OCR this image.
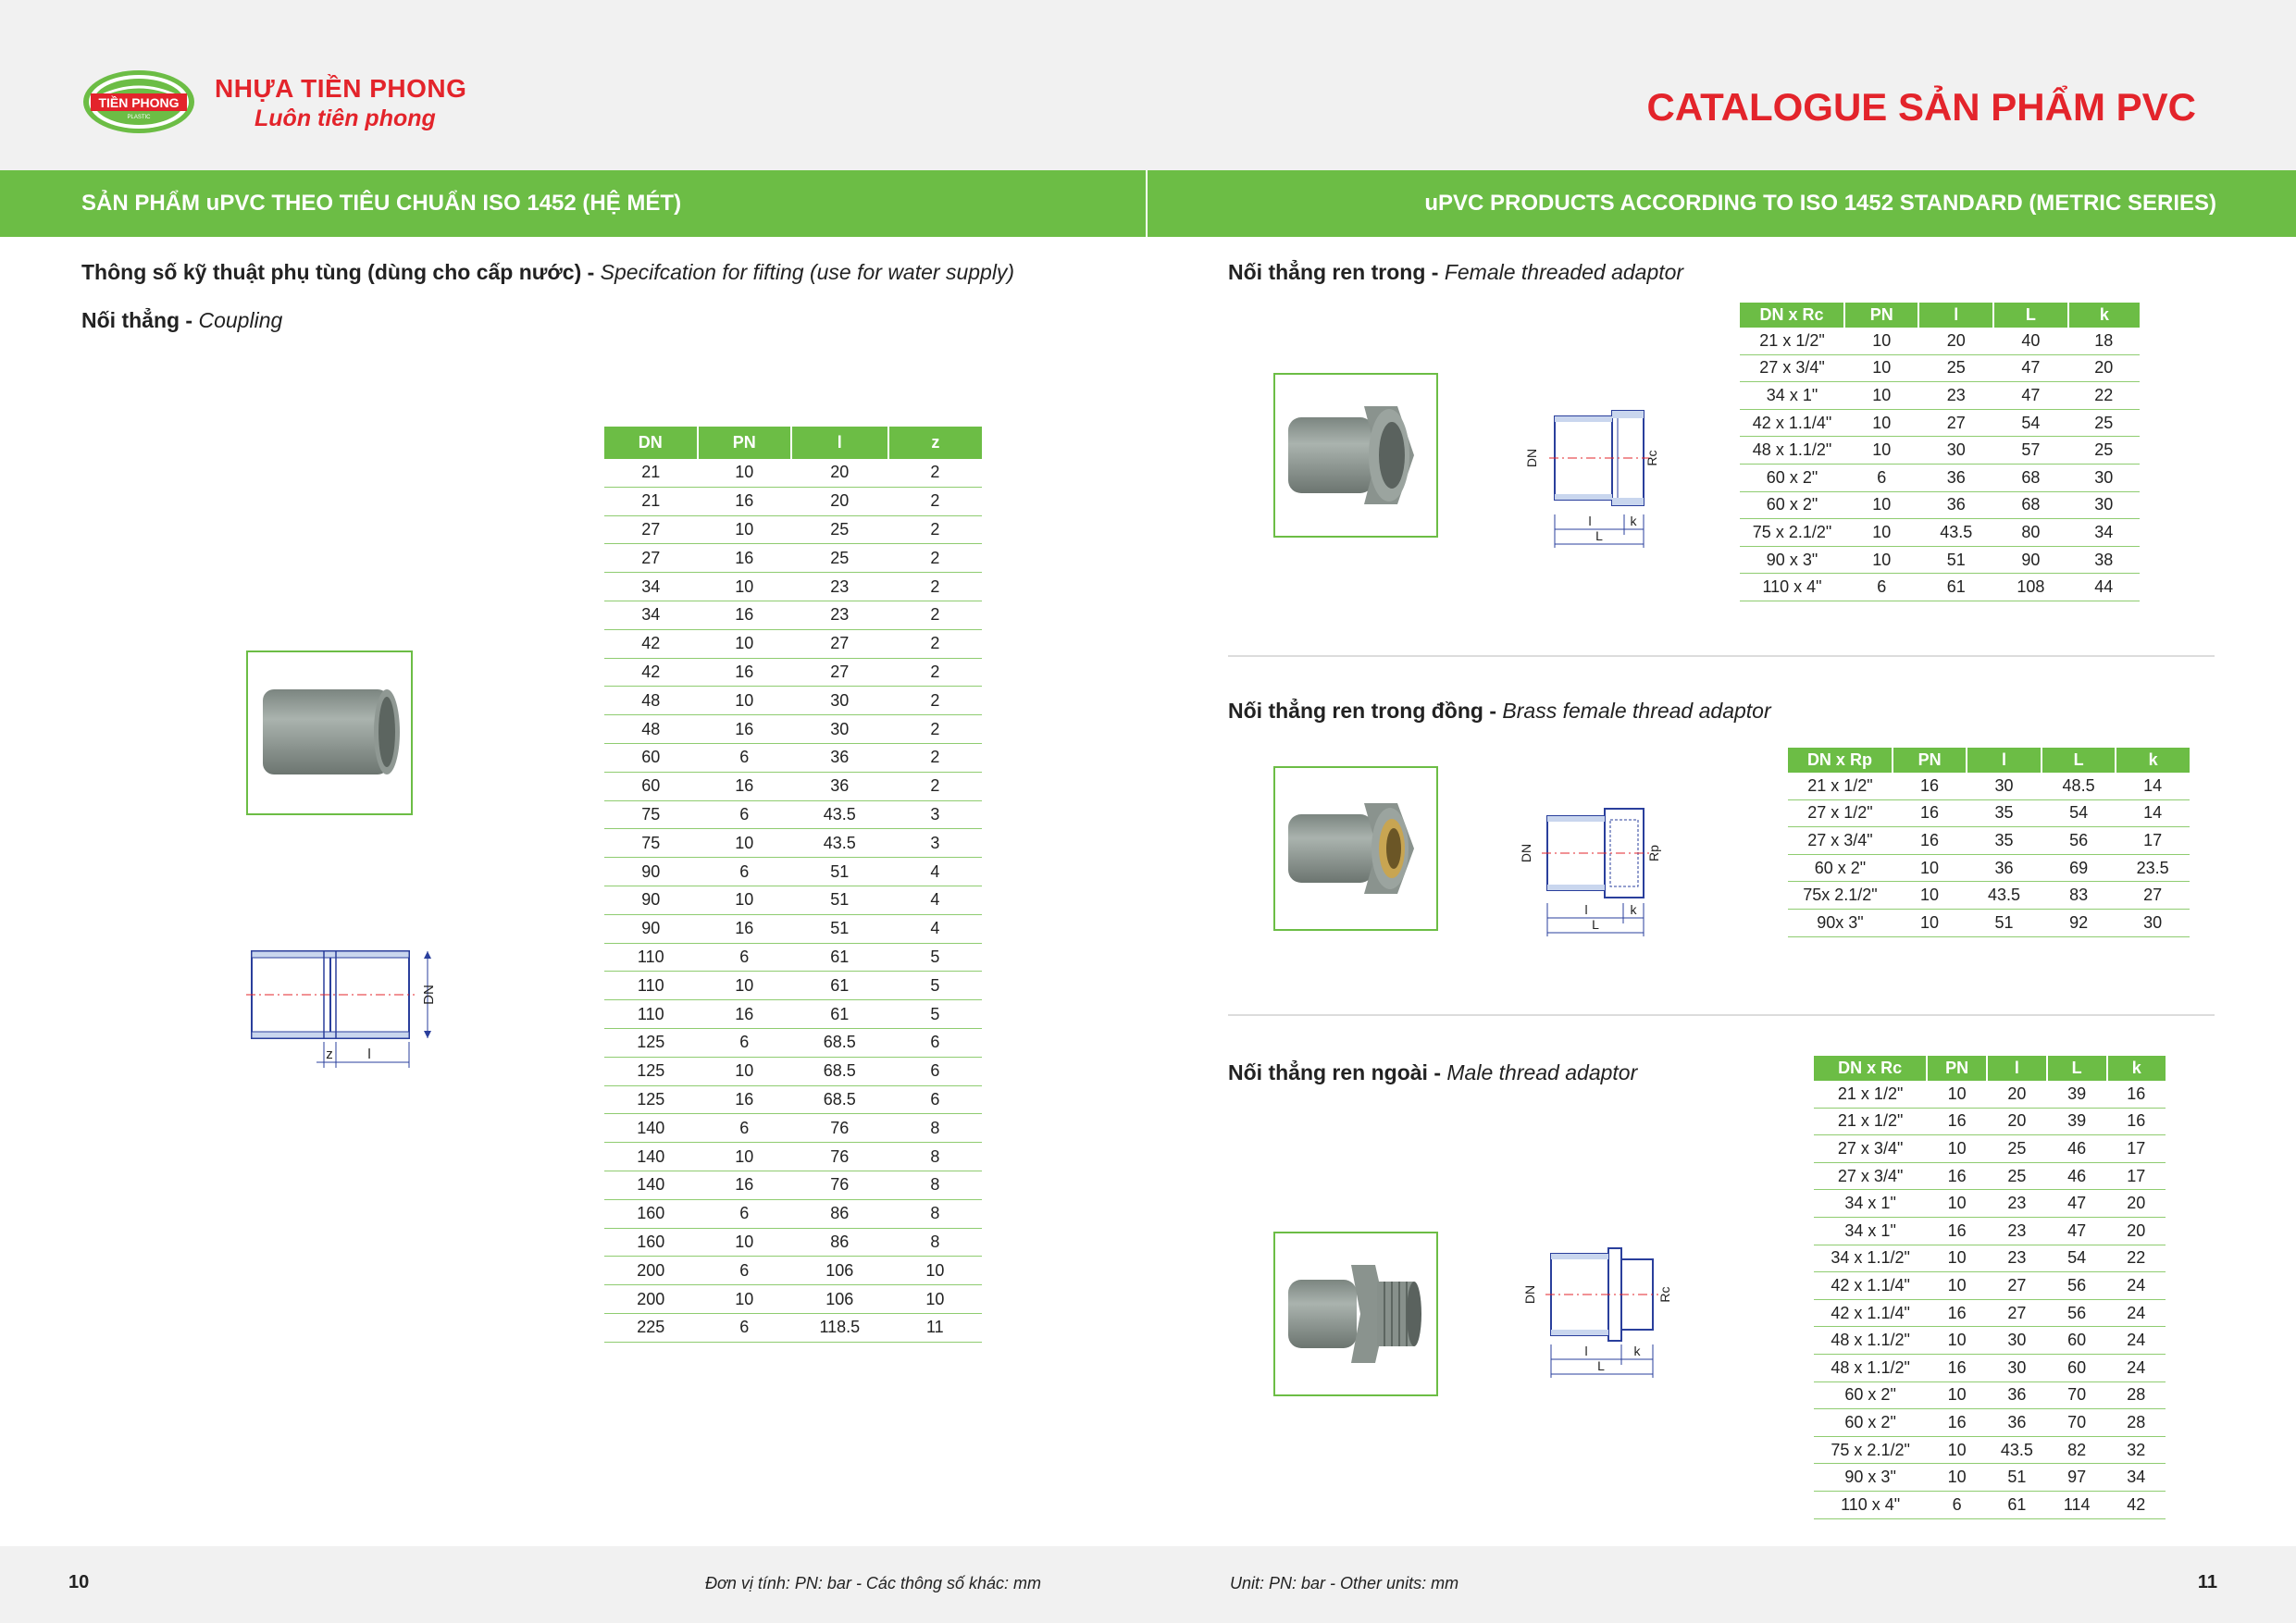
TIỀN PHONG
PLASTIC
NHỰA TIỀN PHONG
Luôn tiên phong	CATALOGUE SẢN PHẨM PVC
SẢN PHẨM uPVC THEO TIÊU CHUẨN ISO 1452 (HỆ MÉT)	uPVC PRODUCTS ACCORDING TO ISO 1452 STANDARD (METRIC SERIES)
Thông số kỹ thuật phụ tùng (dùng cho cấp nước) - Specifcation for fifting (use for water supply)
Nối thẳng - Coupling
DN
z	l
DN	PN	l	z
21	10	20	2
21	16	20	2
27	10	25	2
27	16	25	2
34	10	23	2
34	16	23	2
42	10	27	2
42	16	27	2
48	10	30	2
48	16	30	2
60	6	36	2
60	16	36	2
75	6	43.5	3
75	10	43.5	3
90	6	51	4
90	10	51	4
90	16	51	4
110	6	61	5
110	10	61	5
110	16	61	5
125	6	68.5	6
125	10	68.5	6
125	16	68.5	6
140	6	76	8
140	10	76	8
140	16	76	8
160	6	86	8
160	10	86	8
200	6	106	10
200	10	106	10
225	6	118.5	11
Nối thẳng ren trong - Female threaded adaptor
DN	Rc
l	k
L
DN x Rc	PN	l	L	k
21 x 1/2"	10	20	40	18
27 x 3/4"	10	25	47	20
34 x 1"	10	23	47	22
42 x 1.1/4"	10	27	54	25
48 x 1.1/2"	10	30	57	25
60 x 2"	6	36	68	30
60 x 2"	10	36	68	30
75 x 2.1/2"	10	43.5	80	34
90 x 3"	10	51	90	38
110 x 4"	6	61	108	44
Nối thẳng ren trong đồng - Brass female thread adaptor
DN	Rp
l	k
L
DN x Rp	PN	l	L	k
21 x 1/2"	16	30	48.5	14
27 x 1/2"	16	35	54	14
27 x 3/4"	16	35	56	17
60 x 2"	10	36	69	23.5
75x 2.1/2"	10	43.5	83	27
90x 3"	10	51	92	30
Nối thẳng ren ngoài - Male thread adaptor
DN	Rc
l	k
L
DN x Rc	PN	l	L	k
21 x 1/2"	10	20	39	16
21 x 1/2"	16	20	39	16
27 x 3/4"	10	25	46	17
27 x 3/4"	16	25	46	17
34 x 1"	10	23	47	20
34 x 1"	16	23	47	20
34 x 1.1/2"	10	23	54	22
42 x 1.1/4"	10	27	56	24
42 x 1.1/4"	16	27	56	24
48 x 1.1/2"	10	30	60	24
48 x 1.1/2"	16	30	60	24
60 x 2"	10	36	70	28
60 x 2"	16	36	70	28
75 x 2.1/2"	10	43.5	82	32
90 x 3"	10	51	97	34
110 x 4"	6	61	114	42
10	11
Đơn vị tính: PN: bar - Các thông số khác: mm	Unit: PN: bar - Other units: mm
